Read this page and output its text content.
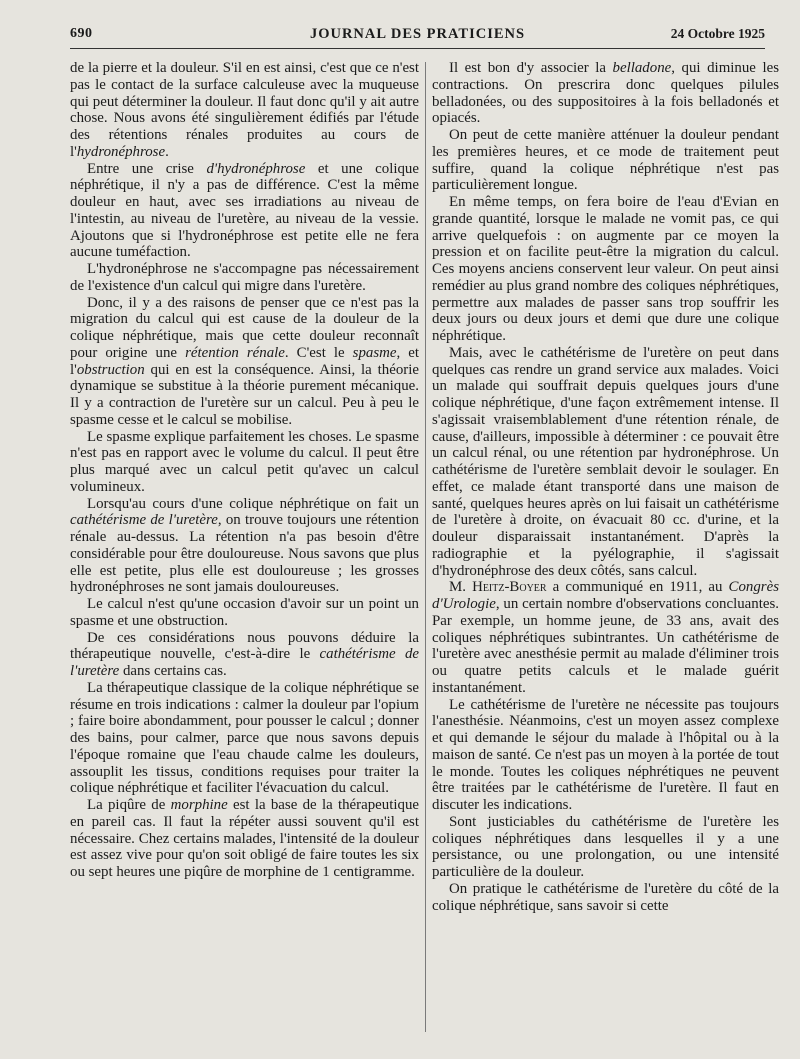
690	JOURNAL DES PRATICIENS	24 Octobre 1925

de la pierre et la douleur. S'il en est ainsi, c'est que ce n'est pas le contact de la surface calculeuse avec la muqueuse qui peut déterminer la douleur. Il faut donc qu'il y ait autre chose. Nous avons été singulièrement édifiés par l'étude des rétentions rénales produites au cours de l'hydronéphrose.

Entre une crise d'hydronéphrose et une colique néphrétique, il n'y a pas de différence. C'est la même douleur en haut, avec ses irradiations au niveau de l'intestin, au niveau de l'uretère, au niveau de la vessie. Ajoutons que si l'hydronéphrose est petite elle ne fera aucune tuméfaction.

L'hydronéphrose ne s'accompagne pas nécessairement de l'existence d'un calcul qui migre dans l'uretère.

Donc, il y a des raisons de penser que ce n'est pas la migration du calcul qui est cause de la douleur de la colique néphrétique, mais que cette douleur reconnaît pour origine une rétention rénale. C'est le spasme, et l'obstruction qui en est la conséquence. Ainsi, la théorie dynamique se substitue à la théorie purement mécanique. Il y a contraction de l'uretère sur un calcul. Peu à peu le spasme cesse et le calcul se mobilise.

Le spasme explique parfaitement les choses. Le spasme n'est pas en rapport avec le volume du calcul. Il peut être plus marqué avec un calcul petit qu'avec un calcul volumineux.

Lorsqu'au cours d'une colique néphrétique on fait un cathétérisme de l'uretère, on trouve toujours une rétention rénale au-dessus. La rétention n'a pas besoin d'être considérable pour être douloureuse. Nous savons que plus elle est petite, plus elle est douloureuse ; les grosses hydronéphroses ne sont jamais douloureuses.

Le calcul n'est qu'une occasion d'avoir sur un point un spasme et une obstruction.

De ces considérations nous pouvons déduire la thérapeutique nouvelle, c'est-à-dire le cathétérisme de l'uretère dans certains cas.

La thérapeutique classique de la colique néphrétique se résume en trois indications : calmer la douleur par l'opium ; faire boire abondamment, pour pousser le calcul ; donner des bains, pour calmer, parce que nous savons depuis l'époque romaine que l'eau chaude calme les douleurs, assouplit les tissus, conditions requises pour traiter la colique néphrétique et faciliter l'évacuation du calcul.

La piqûre de morphine est la base de la thérapeutique en pareil cas. Il faut la répéter aussi souvent qu'il est nécessaire. Chez certains malades, l'intensité de la douleur est assez vive pour qu'on soit obligé de faire toutes les six ou sept heures une piqûre de morphine de 1 centigramme.

Il est bon d'y associer la belladone, qui diminue les contractions. On prescrira donc quelques pilules belladonées, ou des suppositoires à la fois belladonés et opiacés.

On peut de cette manière atténuer la douleur pendant les premières heures, et ce mode de traitement peut suffire, quand la colique néphrétique n'est pas particulièrement longue.

En même temps, on fera boire de l'eau d'Evian en grande quantité, lorsque le malade ne vomit pas, ce qui arrive quelquefois : on augmente par ce moyen la pression et on facilite peut-être la migration du calcul. Ces moyens anciens conservent leur valeur. On peut ainsi remédier au plus grand nombre des coliques néphrétiques, permettre aux malades de passer sans trop souffrir les deux jours ou deux jours et demi que dure une colique néphrétique.

Mais, avec le cathétérisme de l'uretère on peut dans quelques cas rendre un grand service aux malades. Voici un malade qui souffrait depuis quelques jours d'une colique néphrétique, d'une façon extrêmement intense. Il s'agissait vraisemblablement d'une rétention rénale, de cause, d'ailleurs, impossible à déterminer : ce pouvait être un calcul rénal, ou une rétention par hydronéphrose. Un cathétérisme de l'uretère semblait devoir le soulager. En effet, ce malade étant transporté dans une maison de santé, quelques heures après on lui faisait un cathétérisme de l'uretère à droite, on évacuait 80 cc. d'urine, et la douleur disparaissait instantanément. D'après la radiographie et la pyélographie, il s'agissait d'hydronéphrose des deux côtés, sans calcul.

M. Heitz-Boyer a communiqué en 1911, au Congrès d'Urologie, un certain nombre d'observations concluantes. Par exemple, un homme jeune, de 33 ans, avait des coliques néphrétiques subintrantes. Un cathétérisme de l'uretère avec anesthésie permit au malade d'éliminer trois ou quatre petits calculs et le malade guérit instantanément.

Le cathétérisme de l'uretère ne nécessite pas toujours l'anesthésie. Néanmoins, c'est un moyen assez complexe et qui demande le séjour du malade à l'hôpital ou à la maison de santé. Ce n'est pas un moyen à la portée de tout le monde. Toutes les coliques néphrétiques ne peuvent être traitées par le cathétérisme de l'uretère. Il faut en discuter les indications.

Sont justiciables du cathétérisme de l'uretère les coliques néphrétiques dans lesquelles il y a une persistance, ou une prolongation, ou une intensité particulière de la douleur.

On pratique le cathétérisme de l'uretère du côté de la colique néphrétique, sans savoir si cette
